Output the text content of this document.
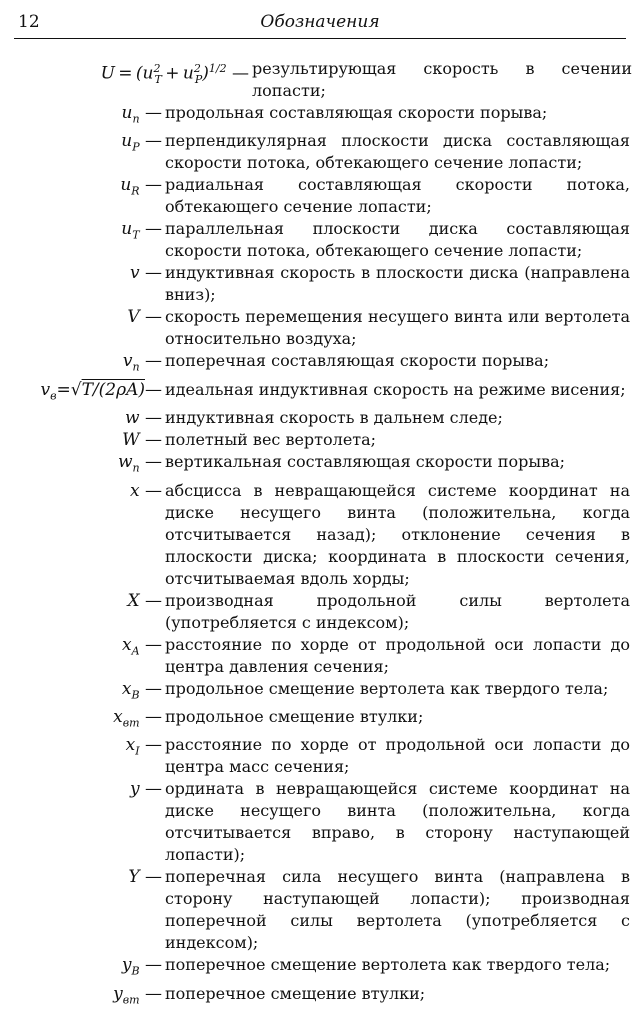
12	Обозначения
$U = (u^2_T + u^2_P)^{1/2}$ — результирующая скорость в сечении лопасти;
$u_п$ — продольная составляющая скорости порыва;
$u_P$ — перпендикулярная плоскости диска составляющая скорости потока, обтекающего сечение лопасти;
$u_R$ — радиальная составляющая скорости потока, обтекающего сечение лопасти;
$u_T$ — параллельная плоскости диска составляющая скорости потока, обтекающего сечение лопасти;
v — индуктивная скорость в плоскости диска (направлена вниз);
V — скорость перемещения несущего винта или вертолета относительно воздуха;
$v_п$ — поперечная составляющая скорости порыва;
$v_в=√T/(2\rho A)—$ идеальная индуктивная скорость на режиме висения;
w — индуктивная скорость в дальнем следе;
W — полетный вес вертолета;
$w_п$ — вертикальная составляющая скорости порыва;
x — абсцисса в невращающейся системе координат на диске несущего винта (положительна, когда отсчитывается назад); отклонение сечения в плоскости диска; координата в плоскости сечения, отсчитываемая вдоль хорды;
X — производная продольной силы вертолета (употребляется с индексом);
$x_A$ — расстояние по хорде от продольной оси лопасти до центра давления сечения;
$x_B$ — продольное смещение вертолета как твердого тела;
$x_{вт}$ — продольное смещение втулки;
$x_I$ — расстояние по хорде от продольной оси лопасти до центра масс сечения;
y — ордината в невращающейся системе координат на диске несущего винта (положительна, когда отсчитывается вправо, в сторону наступающей лопасти);
Y — поперечная сила несущего винта (направлена в сторону наступающей лопасти); производная поперечной силы вертолета (употребляется с индексом);
$y_B$ — поперечное смещение вертолета как твердого тела;
$y_{вт}$ — поперечное смещение втулки;
